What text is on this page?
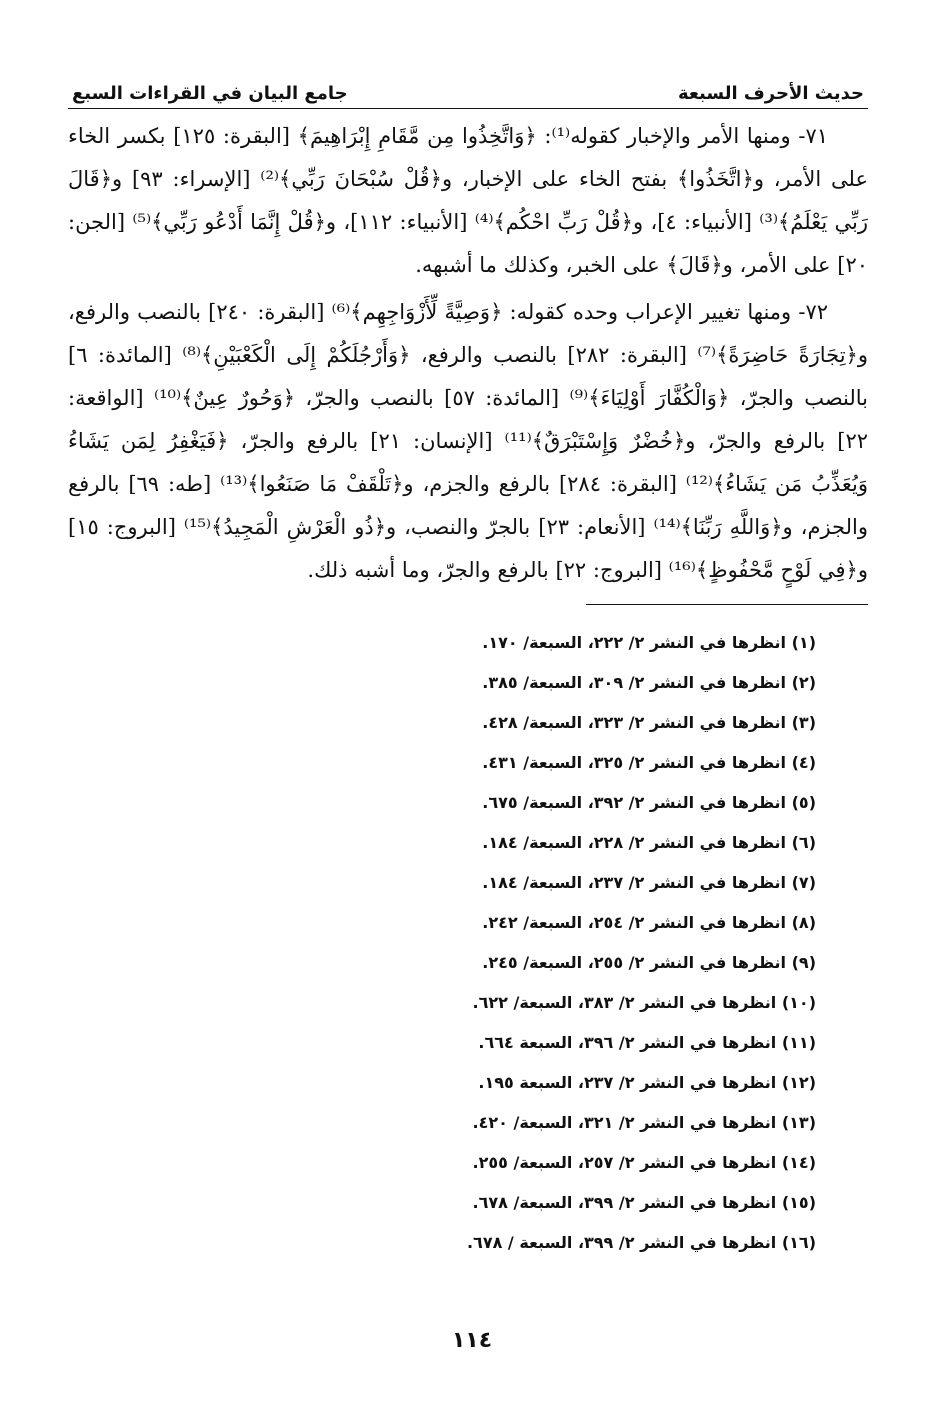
حديث الأحرف السبعة
جامع البيان في القراءات السبع

٧١- ومنها الأمر والإخبار كقوله⁽¹⁾: ﴿وَاتَّخِذُوا مِن مَّقَامِ إِبْرَاهِيمَ﴾ [البقرة: ١٢٥] بكسر الخاء على الأمر، و﴿اتَّخَذُوا﴾ بفتح الخاء على الإخبار، و﴿قُلْ سُبْحَانَ رَبِّي﴾⁽²⁾ [الإسراء: ٩٣] و﴿قَالَ رَبِّي يَعْلَمُ﴾⁽³⁾ [الأنبياء: ٤]، و﴿قُلْ رَبِّ احْكُم﴾⁽⁴⁾ [الأنبياء: ١١٢]، و﴿قُلْ إِنَّمَا أَدْعُو رَبِّي﴾⁽⁵⁾ [الجن: ٢٠] على الأمر، و﴿قَالَ﴾ على الخبر، وكذلك ما أشبهه.

٧٢- ومنها تغيير الإعراب وحده كقوله: ﴿وَصِيَّةً لِّأَزْوَاجِهِم﴾⁽⁶⁾ [البقرة: ٢٤٠] بالنصب والرفع، و﴿تِجَارَةً حَاضِرَةً﴾⁽⁷⁾ [البقرة: ٢٨٢] بالنصب والرفع، ﴿وَأَرْجُلَكُمْ إِلَى الْكَعْبَيْنِ﴾⁽⁸⁾ [المائدة: ٦] بالنصب والجرّ، ﴿وَالْكُفَّارَ أَوْلِيَاءَ﴾⁽⁹⁾ [المائدة: ٥٧] بالنصب والجرّ، ﴿وَحُورٌ عِينٌ﴾⁽¹⁰⁾ [الواقعة: ٢٢] بالرفع والجرّ، و﴿خُضْرٌ وَإِسْتَبْرَقٌ﴾⁽¹¹⁾ [الإنسان: ٢١] بالرفع والجرّ، ﴿فَيَغْفِرُ لِمَن يَشَاءُ وَيُعَذِّبُ مَن يَشَاءُ﴾⁽¹²⁾ [البقرة: ٢٨٤] بالرفع والجزم، و﴿تَلْقَفْ مَا صَنَعُوا﴾⁽¹³⁾ [طه: ٦٩] بالرفع والجزم، و﴿وَاللَّهِ رَبِّنَا﴾⁽¹⁴⁾ [الأنعام: ٢٣] بالجرّ والنصب، و﴿ذُو الْعَرْشِ الْمَجِيدُ﴾⁽¹⁵⁾ [البروج: ١٥] و﴿فِي لَوْحٍ مَّحْفُوظٍ﴾⁽¹⁶⁾ [البروج: ٢٢] بالرفع والجرّ، وما أشبه ذلك.

(١) انظرها في النشر ٢/ ٢٢٢، السبعة/ ١٧٠.
(٢) انظرها في النشر ٢/ ٣٠٩، السبعة/ ٣٨٥.
(٣) انظرها في النشر ٢/ ٣٢٣، السبعة/ ٤٢٨.
(٤) انظرها في النشر ٢/ ٣٢٥، السبعة/ ٤٣١.
(٥) انظرها في النشر ٢/ ٣٩٢، السبعة/ ٦٧٥.
(٦) انظرها في النشر ٢/ ٢٢٨، السبعة/ ١٨٤.
(٧) انظرها في النشر ٢/ ٢٣٧، السبعة/ ١٨٤.
(٨) انظرها في النشر ٢/ ٢٥٤، السبعة/ ٢٤٢.
(٩) انظرها في النشر ٢/ ٢٥٥، السبعة/ ٢٤٥.
(١٠) انظرها في النشر ٢/ ٣٨٣، السبعة/ ٦٢٢.
(١١) انظرها في النشر ٢/ ٣٩٦، السبعة ٦٦٤.
(١٢) انظرها في النشر ٢/ ٢٣٧، السبعة ١٩٥.
(١٣) انظرها في النشر ٢/ ٣٢١، السبعة/ ٤٢٠.
(١٤) انظرها في النشر ٢/ ٢٥٧، السبعة/ ٢٥٥.
(١٥) انظرها في النشر ٢/ ٣٩٩، السبعة/ ٦٧٨.
(١٦) انظرها في النشر ٢/ ٣٩٩، السبعة / ٦٧٨.
١١٤
